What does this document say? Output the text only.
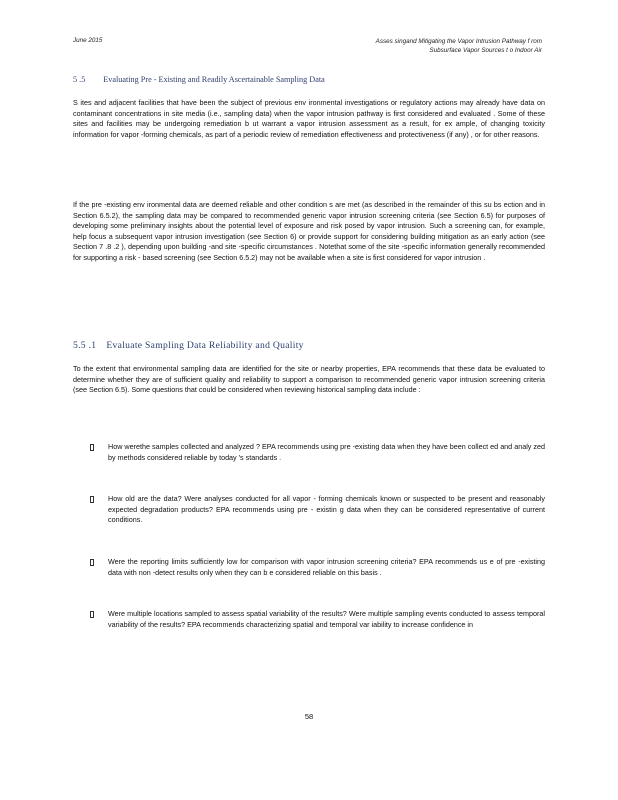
June 2015	Asses singand Mitigating the Vapor Intrusion Pathway f rom
Subsurface Vapor Sources t o Indoor Air
5 .5 Evaluating Pre - Existing and Readily Ascertainable Sampling Data

S ites and adjacent facilities that have been the subject of previous env ironmental investigations or regulatory actions may already have data on contaminant concentrations in site media (i.e., sampling data) when the vapor intrusion pathway is first considered and evaluated . Some of these sites and facilities may be undergoing remediation b ut warrant a vapor intrusion assessment as a result, for ex ample, of changing toxicity information for vapor -forming chemicals, as part of a periodic review of remediation effectiveness and protectiveness (if any) , or for other reasons.

If the pre -existing env ironmental data are deemed reliable and other condition s are met (as described in the remainder of this su bs ection and in Section 6.5.2), the sampling data may be compared to recommended generic vapor intrusion screening criteria (see Section 6.5) for purposes of developing some preliminary insights about the potential level of exposure and risk posed by vapor intrusion. Such a screening can, for example, help focus a subsequent vapor intrusion investigation (see Section 6) or provide support for considering building mitigation as an early action (see Section 7 .8 .2 ), depending upon building -and site -specific circumstances . Notethat some of the site -specific information generally recommended for supporting a risk - based screening (see Section 6.5.2) may not be available when a site is first considered for vapor intrusion .

5.5 .1 Evaluate Sampling Data Reliability and Quality

To the extent that environmental sampling data are identified for the site or nearby properties, EPA recommends that these data be evaluated to determine whether they are of sufficient quality and reliability to support a comparison to recommended generic vapor intrusion screening criteria (see Section 6.5). Some questions that could be considered when reviewing historical sampling data include :

How werethe samples collected and analyzed ? EPA recommends using pre -existing data when they have been collect ed and analy zed by methods considered reliable by today 's standards .
How old are the data? Were analyses conducted for all vapor - forming chemicals known or suspected to be present and reasonably expected degradation products? EPA recommends using pre - existin g data when they can be considered representative of current conditions.
Were the reporting limits sufficiently low for comparison with vapor intrusion screening criteria? EPA recommends us e of pre -existing data with non -detect results only when they can b e considered reliable on this basis .
Were multiple locations sampled to assess spatial variability of the results? Were multiple sampling events conducted to assess temporal variability of the results? EPA recommends characterizing spatial and temporal var iability to increase confidence in
58
